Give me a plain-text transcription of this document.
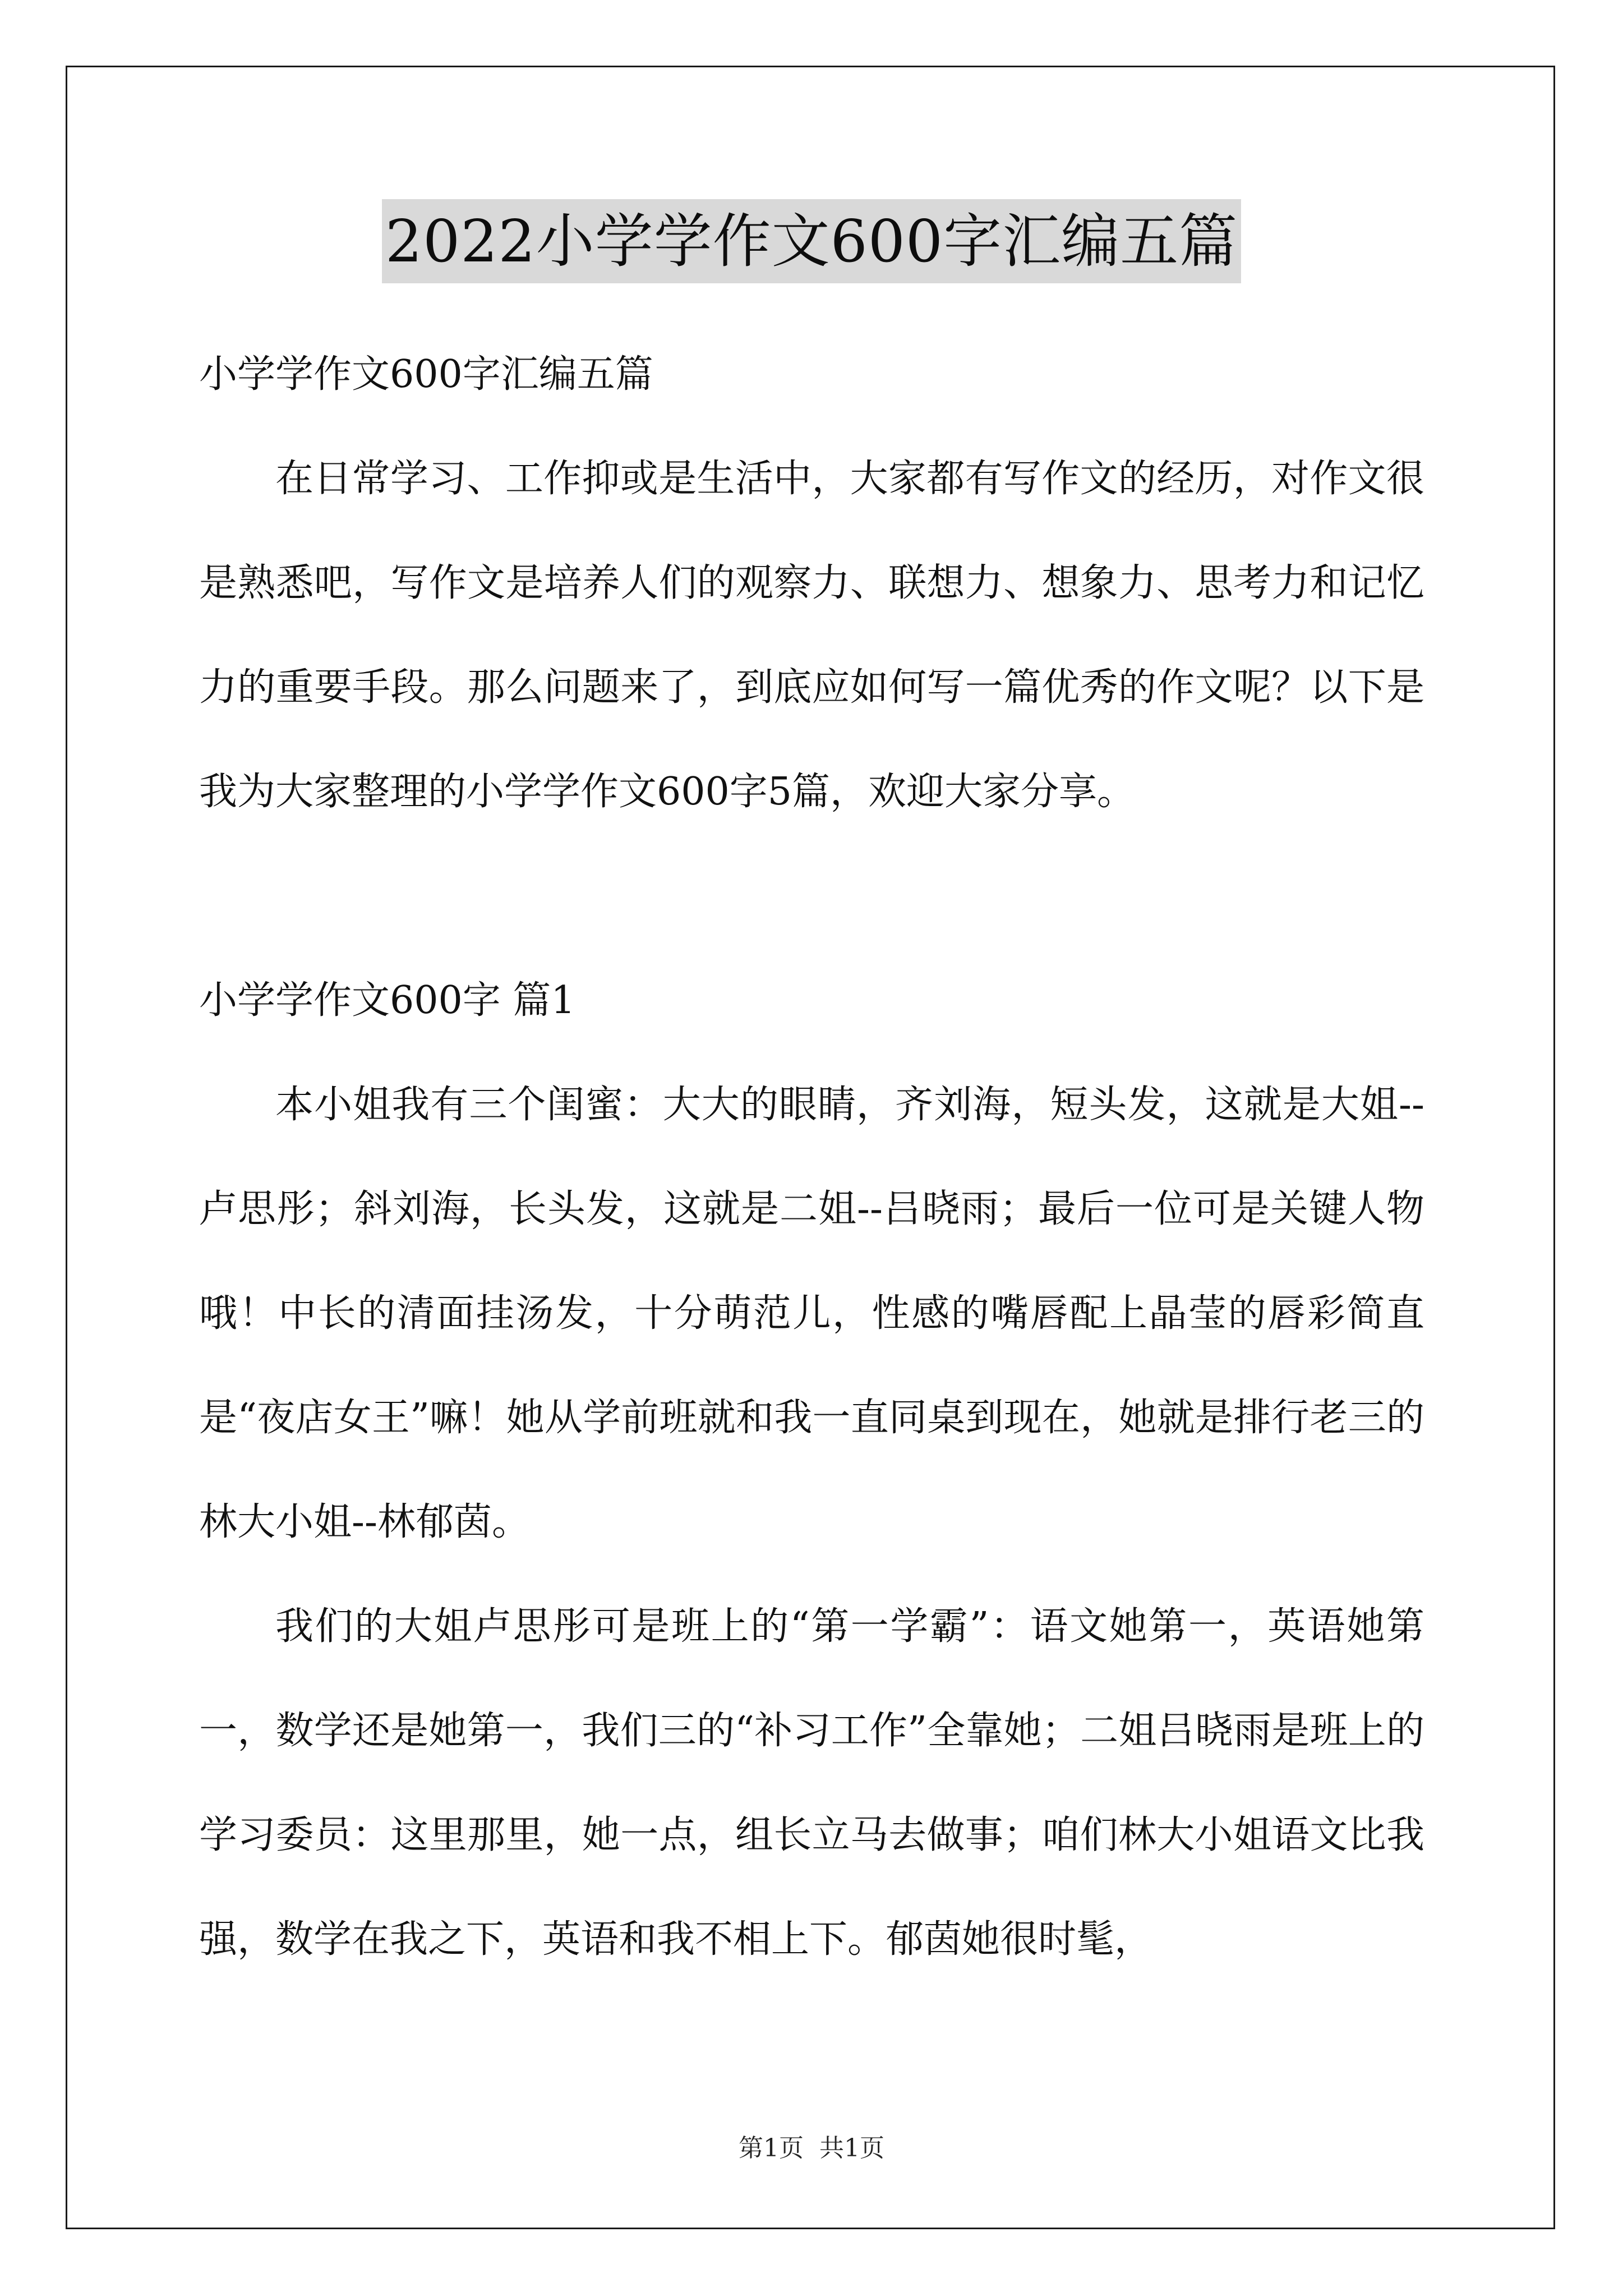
2022小学学作文600字汇编五篇

小学学作文600字汇编五篇

在日常学习、工作抑或是生活中，大家都有写作文的经历，对作文很是熟悉吧，写作文是培养人们的观察力、联想力、想象力、思考力和记忆力的重要手段。那么问题来了，到底应如何写一篇优秀的作文呢？以下是我为大家整理的小学学作文600字5篇，欢迎大家分享。

小学学作文600字 篇1

本小姐我有三个闺蜜：大大的眼睛，齐刘海，短头发，这就是大姐--卢思彤；斜刘海，长头发，这就是二姐--吕晓雨；最后一位可是关键人物哦！中长的清面挂汤发，十分萌范儿，性感的嘴唇配上晶莹的唇彩简直是“夜店女王”嘛！她从学前班就和我一直同桌到现在，她就是排行老三的林大小姐--林郁茵。

我们的大姐卢思彤可是班上的“第一学霸”：语文她第一，英语她第一，数学还是她第一，我们三的“补习工作”全靠她；二姐吕晓雨是班上的学习委员：这里那里，她一点，组长立马去做事；咱们林大小姐语文比我强，数学在我之下，英语和我不相上下。郁茵她很时髦，

第1页 共1页
